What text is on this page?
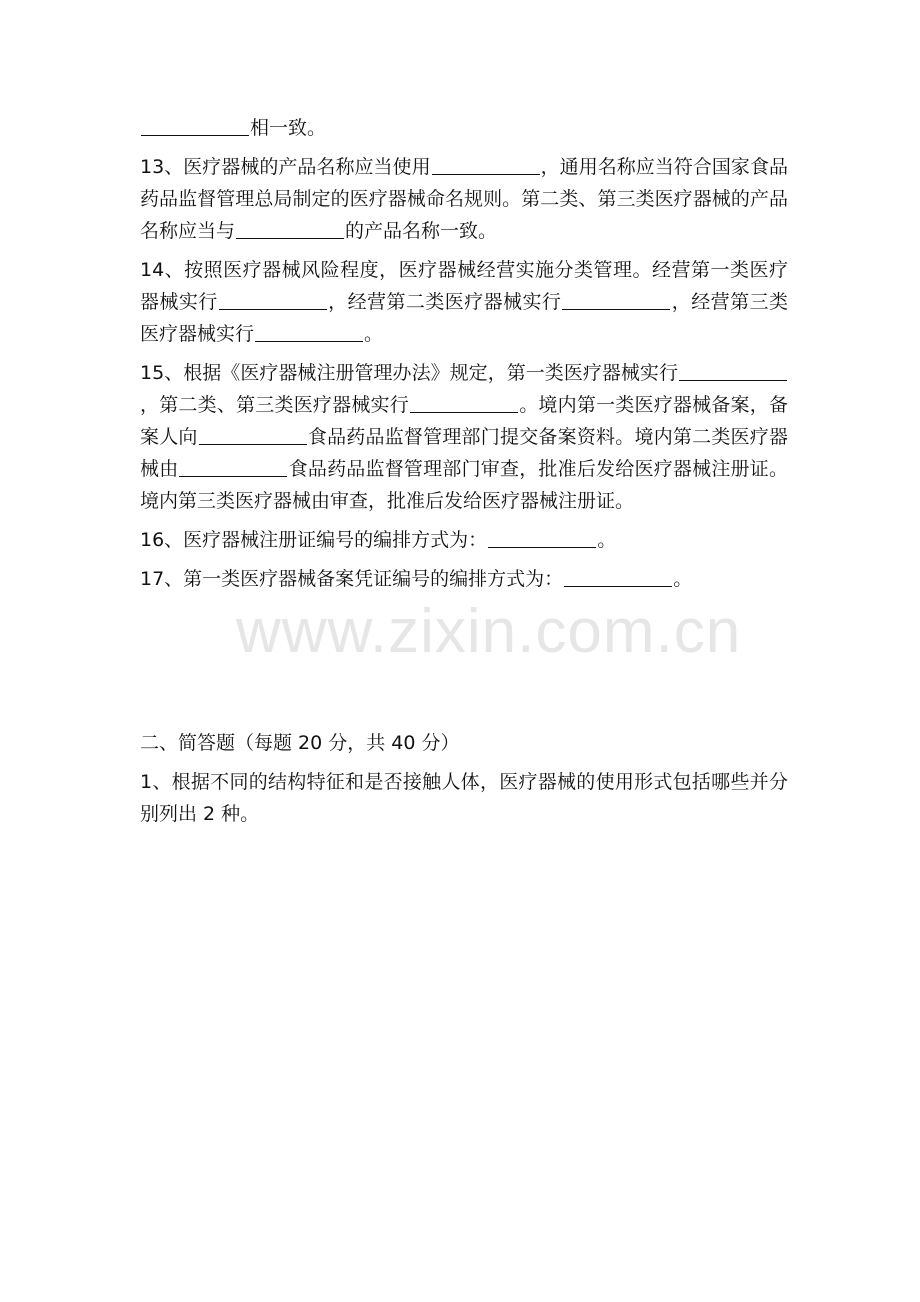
www.zixin.com.cn

相一致。

13、医疗器械的产品名称应当使用	，通用名称应当符合国家食品药品监督管理总局制定的医疗器械命名规则。第二类、第三类医疗器械的产品名称应当与	的产品名称一致。

14、按照医疗器械风险程度，医疗器械经营实施分类管理。经营第一类医疗器械实行	，经营第二类医疗器械实行	，经营第三类医疗器械实行	。

15、根据《医疗器械注册管理办法》规定，第一类医疗器械实行，第二类、第三类医疗器械实行	。境内第一类医疗器械备案，备案人向	食品药品监督管理部门提交备案资料。境内第二类医疗器械由	食品药品监督管理部门审查，批准后发给医疗器械注册证。境内第三类医疗器械由审查，批准后发给医疗器械注册证。

16、医疗器械注册证编号的编排方式为：	。

17、第一类医疗器械备案凭证编号的编排方式为：	。

二、简答题（每题 20 分，共 40 分）

1、根据不同的结构特征和是否接触人体，医疗器械的使用形式包括哪些并分别列出 2 种。
